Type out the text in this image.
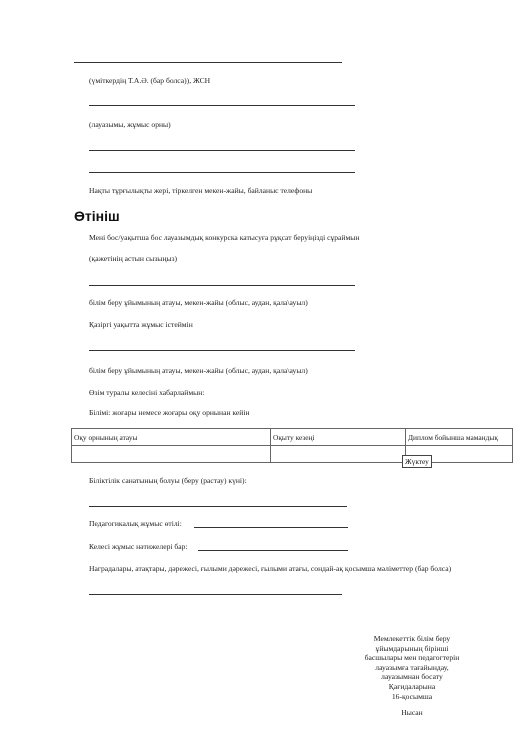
(үміткердің Т.А.Ә. (бар болса)), ЖСН
(лауазымы, жұмыс орны)
Нақты тұрғылықты жері, тіркелген мекен-жайы, байланыс телефоны
Өтініш
Мені бос/уақытша бос лауазымдық конкурска катысуға рұқсат беруіңізді сұраймын
(қажетінің астын сызыңыз)
білім беру ұйымының атауы, мекен-жайы (облыс, аудан, қала\ауыл)
Қазіргі уақытта жұмыс істеймін
білім беру ұйымының атауы, мекен-жайы (облыс, аудан, қала\ауыл)
Өзім туралы келесіні хабарлаймын:
Білімі: жоғары немесе жоғары оқу орнынан кейін
Оқу орнының атауы	Оқыту кезеңі	Диплом бойынша мамандық

Жүктеу
Біліктілік санатының болуы (беру (растау) күні):
Педагогикалық жұмыс өтілі:
Келесі жұмыс нәтижелері бар:
Наградалары, атақтары, дәрежесі, ғылыми дәрежесі, ғылыми атағы, сондай-ақ қосымша мәліметтер (бар болса)
Мемлекеттік білім беру
ұйымдарының бірінші
басшылары мен педагогтерін
лауазымға тағайындау,
лауазымнан босату
Қағидаларына
16-қосымша
Нысан
